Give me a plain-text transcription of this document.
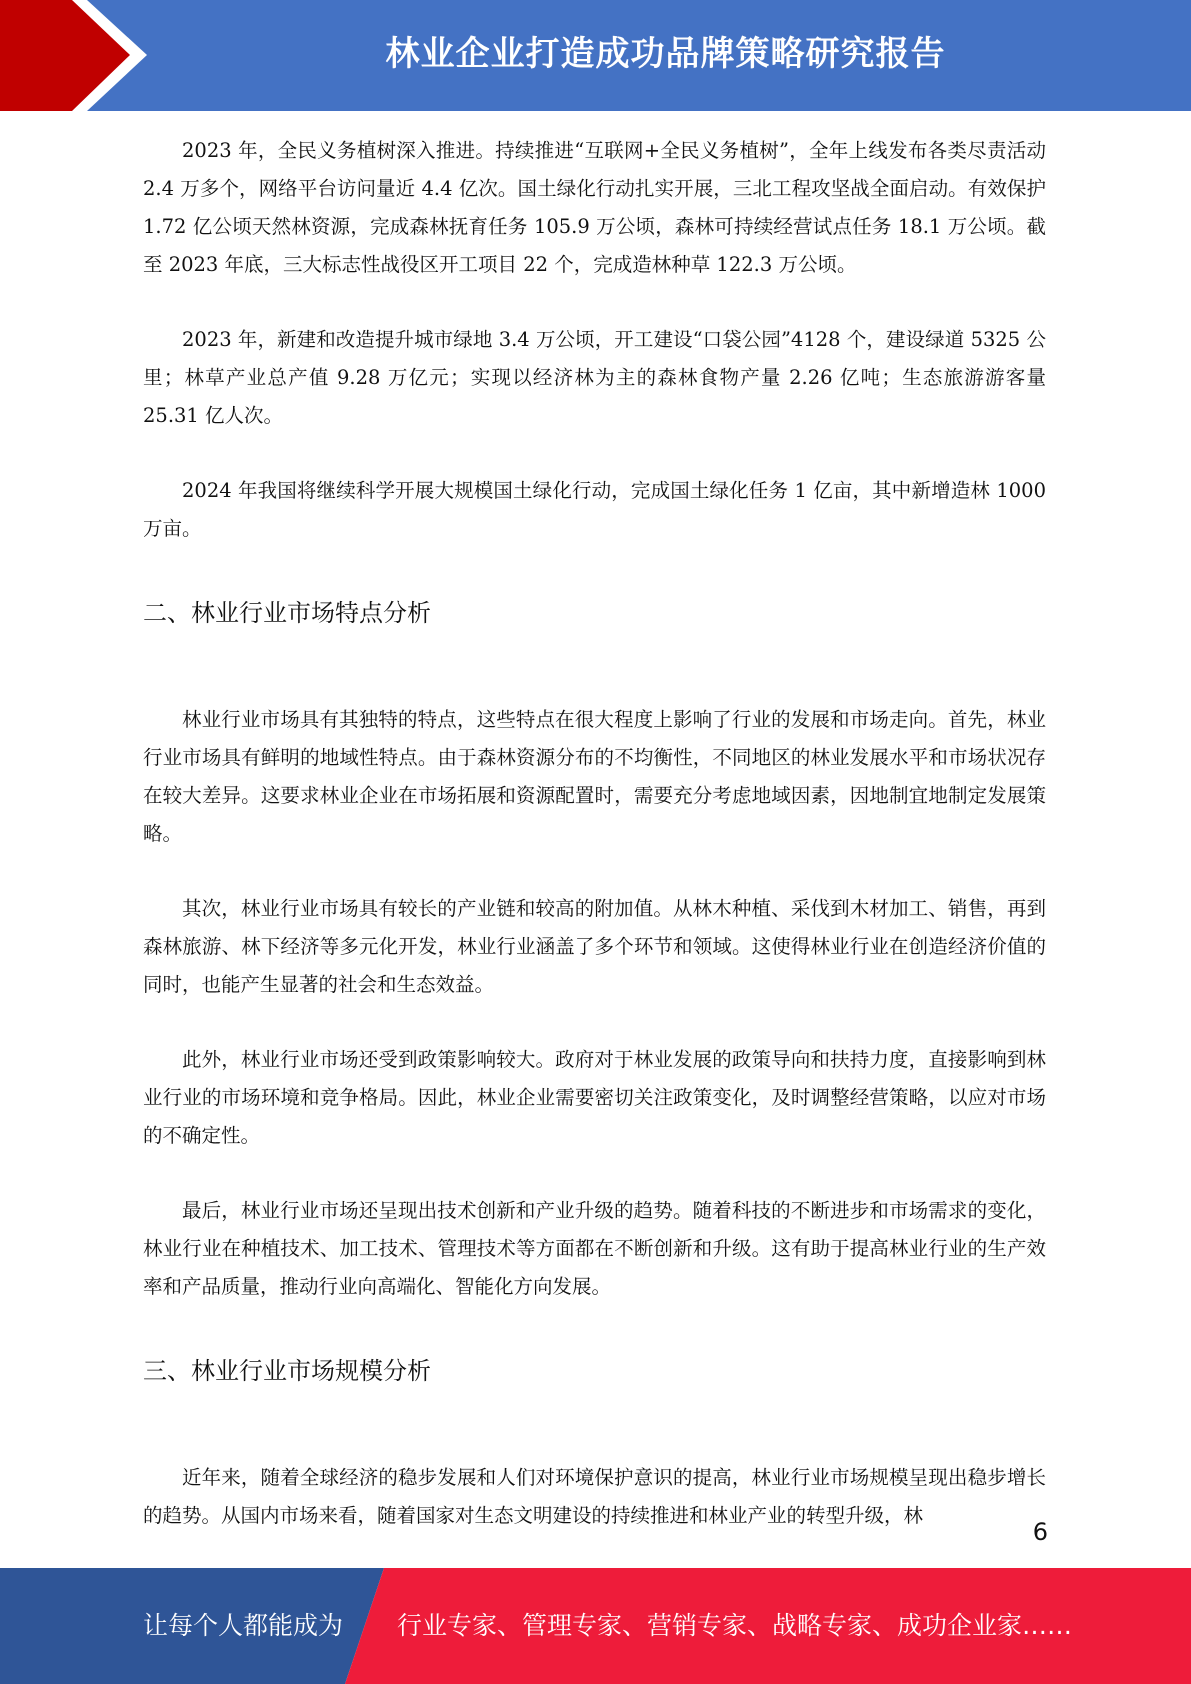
林业企业打造成功品牌策略研究报告

2023 年，全民义务植树深入推进。持续推进“互联网+全民义务植树”，全年上线发布各类尽责活动 2.4 万多个，网络平台访问量近 4.4 亿次。国土绿化行动扎实开展，三北工程攻坚战全面启动。有效保护 1.72 亿公顷天然林资源，完成森林抚育任务 105.9 万公顷，森林可持续经营试点任务 18.1 万公顷。截至 2023 年底，三大标志性战役区开工项目 22 个，完成造林种草 122.3 万公顷。

2023 年，新建和改造提升城市绿地 3.4 万公顷，开工建设“口袋公园”4128 个，建设绿道 5325 公里；林草产业总产值 9.28 万亿元；实现以经济林为主的森林食物产量 2.26 亿吨；生态旅游游客量 25.31 亿人次。

2024 年我国将继续科学开展大规模国土绿化行动，完成国土绿化任务 1 亿亩，其中新增造林 1000 万亩。

二、林业行业市场特点分析

林业行业市场具有其独特的特点，这些特点在很大程度上影响了行业的发展和市场走向。首先，林业行业市场具有鲜明的地域性特点。由于森林资源分布的不均衡性，不同地区的林业发展水平和市场状况存在较大差异。这要求林业企业在市场拓展和资源配置时，需要充分考虑地域因素，因地制宜地制定发展策略。

其次，林业行业市场具有较长的产业链和较高的附加值。从林木种植、采伐到木材加工、销售，再到森林旅游、林下经济等多元化开发，林业行业涵盖了多个环节和领域。这使得林业行业在创造经济价值的同时，也能产生显著的社会和生态效益。

此外，林业行业市场还受到政策影响较大。政府对于林业发展的政策导向和扶持力度，直接影响到林业行业的市场环境和竞争格局。因此，林业企业需要密切关注政策变化，及时调整经营策略，以应对市场的不确定性。

最后，林业行业市场还呈现出技术创新和产业升级的趋势。随着科技的不断进步和市场需求的变化，林业行业在种植技术、加工技术、管理技术等方面都在不断创新和升级。这有助于提高林业行业的生产效率和产品质量，推动行业向高端化、智能化方向发展。

三、林业行业市场规模分析

近年来，随着全球经济的稳步发展和人们对环境保护意识的提高，林业行业市场规模呈现出稳步增长的趋势。从国内市场来看，随着国家对生态文明建设的持续推进和林业产业的转型升级，林

6
让每个人都能成为 行业专家、管理专家、营销专家、战略专家、成功企业家……
